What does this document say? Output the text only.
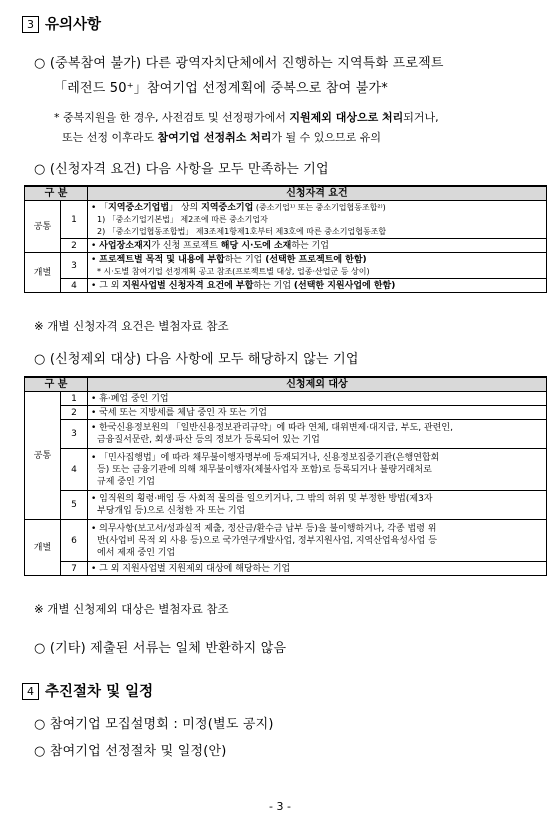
3 유의사항
○ (중복참여 불가) 다른 광역자치단체에서 진행하는 지역특화 프로젝트
「레전드 50⁺」참여기업 선정계획에 중복으로 참여 불가*
* 중복지원을 한 경우, 사전검토 및 선정평가에서 지원제외 대상으로 처리되거나,
또는 선정 이후라도 참여기업 선정취소 처리가 될 수 있으므로 유의
○ (신청자격 요건) 다음 사항을 모두 만족하는 기업
구 분		신청자격 요건
공통	1	• 「지역중소기업법」 상의 지역중소기업 (중소기업¹⁾ 또는 중소기업협동조합²⁾)
1) 「중소기업기본법」 제2조에 따른 중소기업자
2) 「중소기업협동조합법」 제3조제1항제1호부터 제3호에 따른 중소기업협동조합

	2	• 사업장소재지가 신청 프로젝트 해당 시·도에 소재하는 기업
개별	3	• 프로젝트별 목적 및 내용에 부합하는 기업 (선택한 프로젝트에 한함)
* 시·도별 참여기업 선정계획 공고 참조(프로젝트별 대상, 업종·산업군 등 상이)

	4	• 그 외 지원사업별 신청자격 요건에 부합하는 기업 (선택한 지원사업에 한함)
※ 개별 신청자격 요건은 별첨자료 참조
○ (신청제외 대상) 다음 사항에 모두 해당하지 않는 기업
구 분		신청제외 대상
공통	1	• 휴·폐업 중인 기업
	2	• 국세 또는 지방세를 체납 중인 자 또는 기업
	3	• 한국신용정보원의 「일반신용정보관리규약」에 따라 연체, 대위변제·대지급, 부도, 관련인,
금융질서문란, 회생·파산 등의 정보가 등록되어 있는 기업
	4	• 「민사집행법」에 따라 채무불이행자명부에 등재되거나, 신용정보집중기관(은행연합회
등) 또는 금융기관에 의해 채무불이행자(체불사업자 포함)로 등록되거나 불량거래처로
규제 중인 기업
	5	• 임직원의 횡령·배임 등 사회적 물의를 일으키거나, 그 밖의 허위 및 부정한 방법(제3자
부당개입 등)으로 신청한 자 또는 기업
개별	6	• 의무사항(보고서/성과실적 제출, 정산금/환수금 납부 등)을 불이행하거나, 각종 법령 위
반(사업비 목적 외 사용 등)으로 국가연구개발사업, 정부지원사업, 지역산업육성사업 등
에서 제재 중인 기업
	7	• 그 외 지원사업별 지원제외 대상에 해당하는 기업
※ 개별 신청제외 대상은 별첨자료 참조
○ (기타) 제출된 서류는 일체 반환하지 않음
4 추진절차 및 일정
○ 참여기업 모집설명회 : 미정(별도 공지)
○ 참여기업 선정절차 및 일정(안)
- 3 -
